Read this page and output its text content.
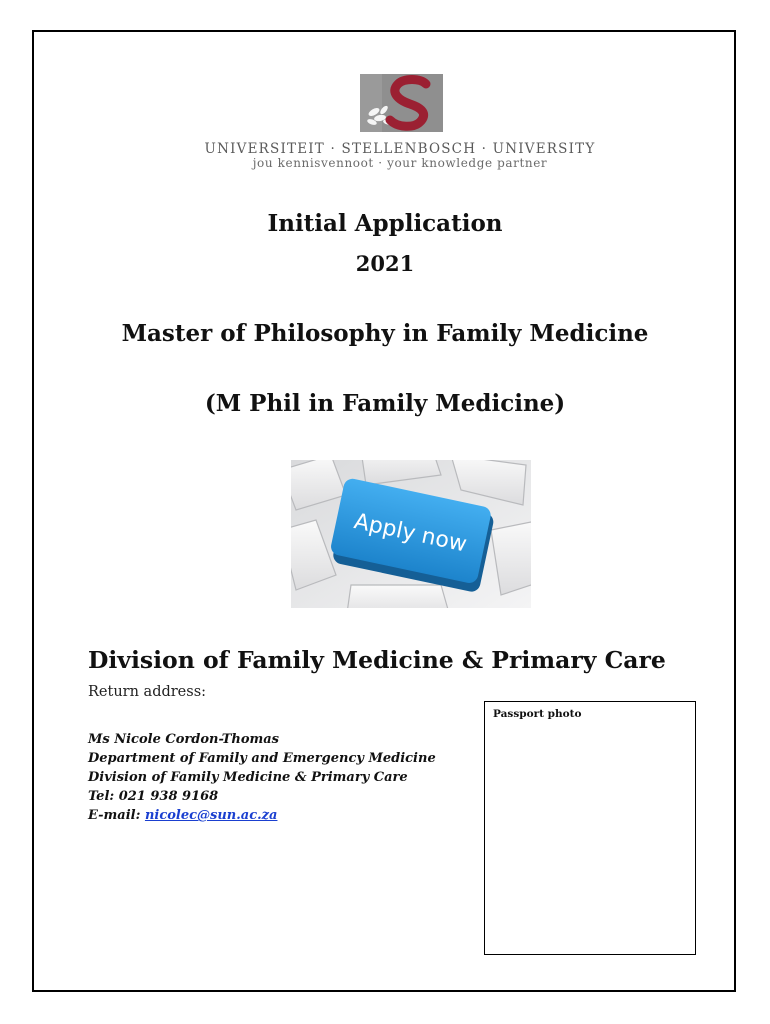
UNIVERSITEIT · STELLENBOSCH · UNIVERSITY
jou kennisvennoot · your knowledge partner
Initial Application
2021
Master of Philosophy in Family Medicine
(M Phil in Family Medicine)
Apply now
Division of Family Medicine & Primary Care
Return address:
Ms Nicole Cordon-Thomas
Department of Family and Emergency Medicine
Division of Family Medicine & Primary Care
Tel: 021 938 9168
E-mail: nicolec@sun.ac.za
Passport photo
